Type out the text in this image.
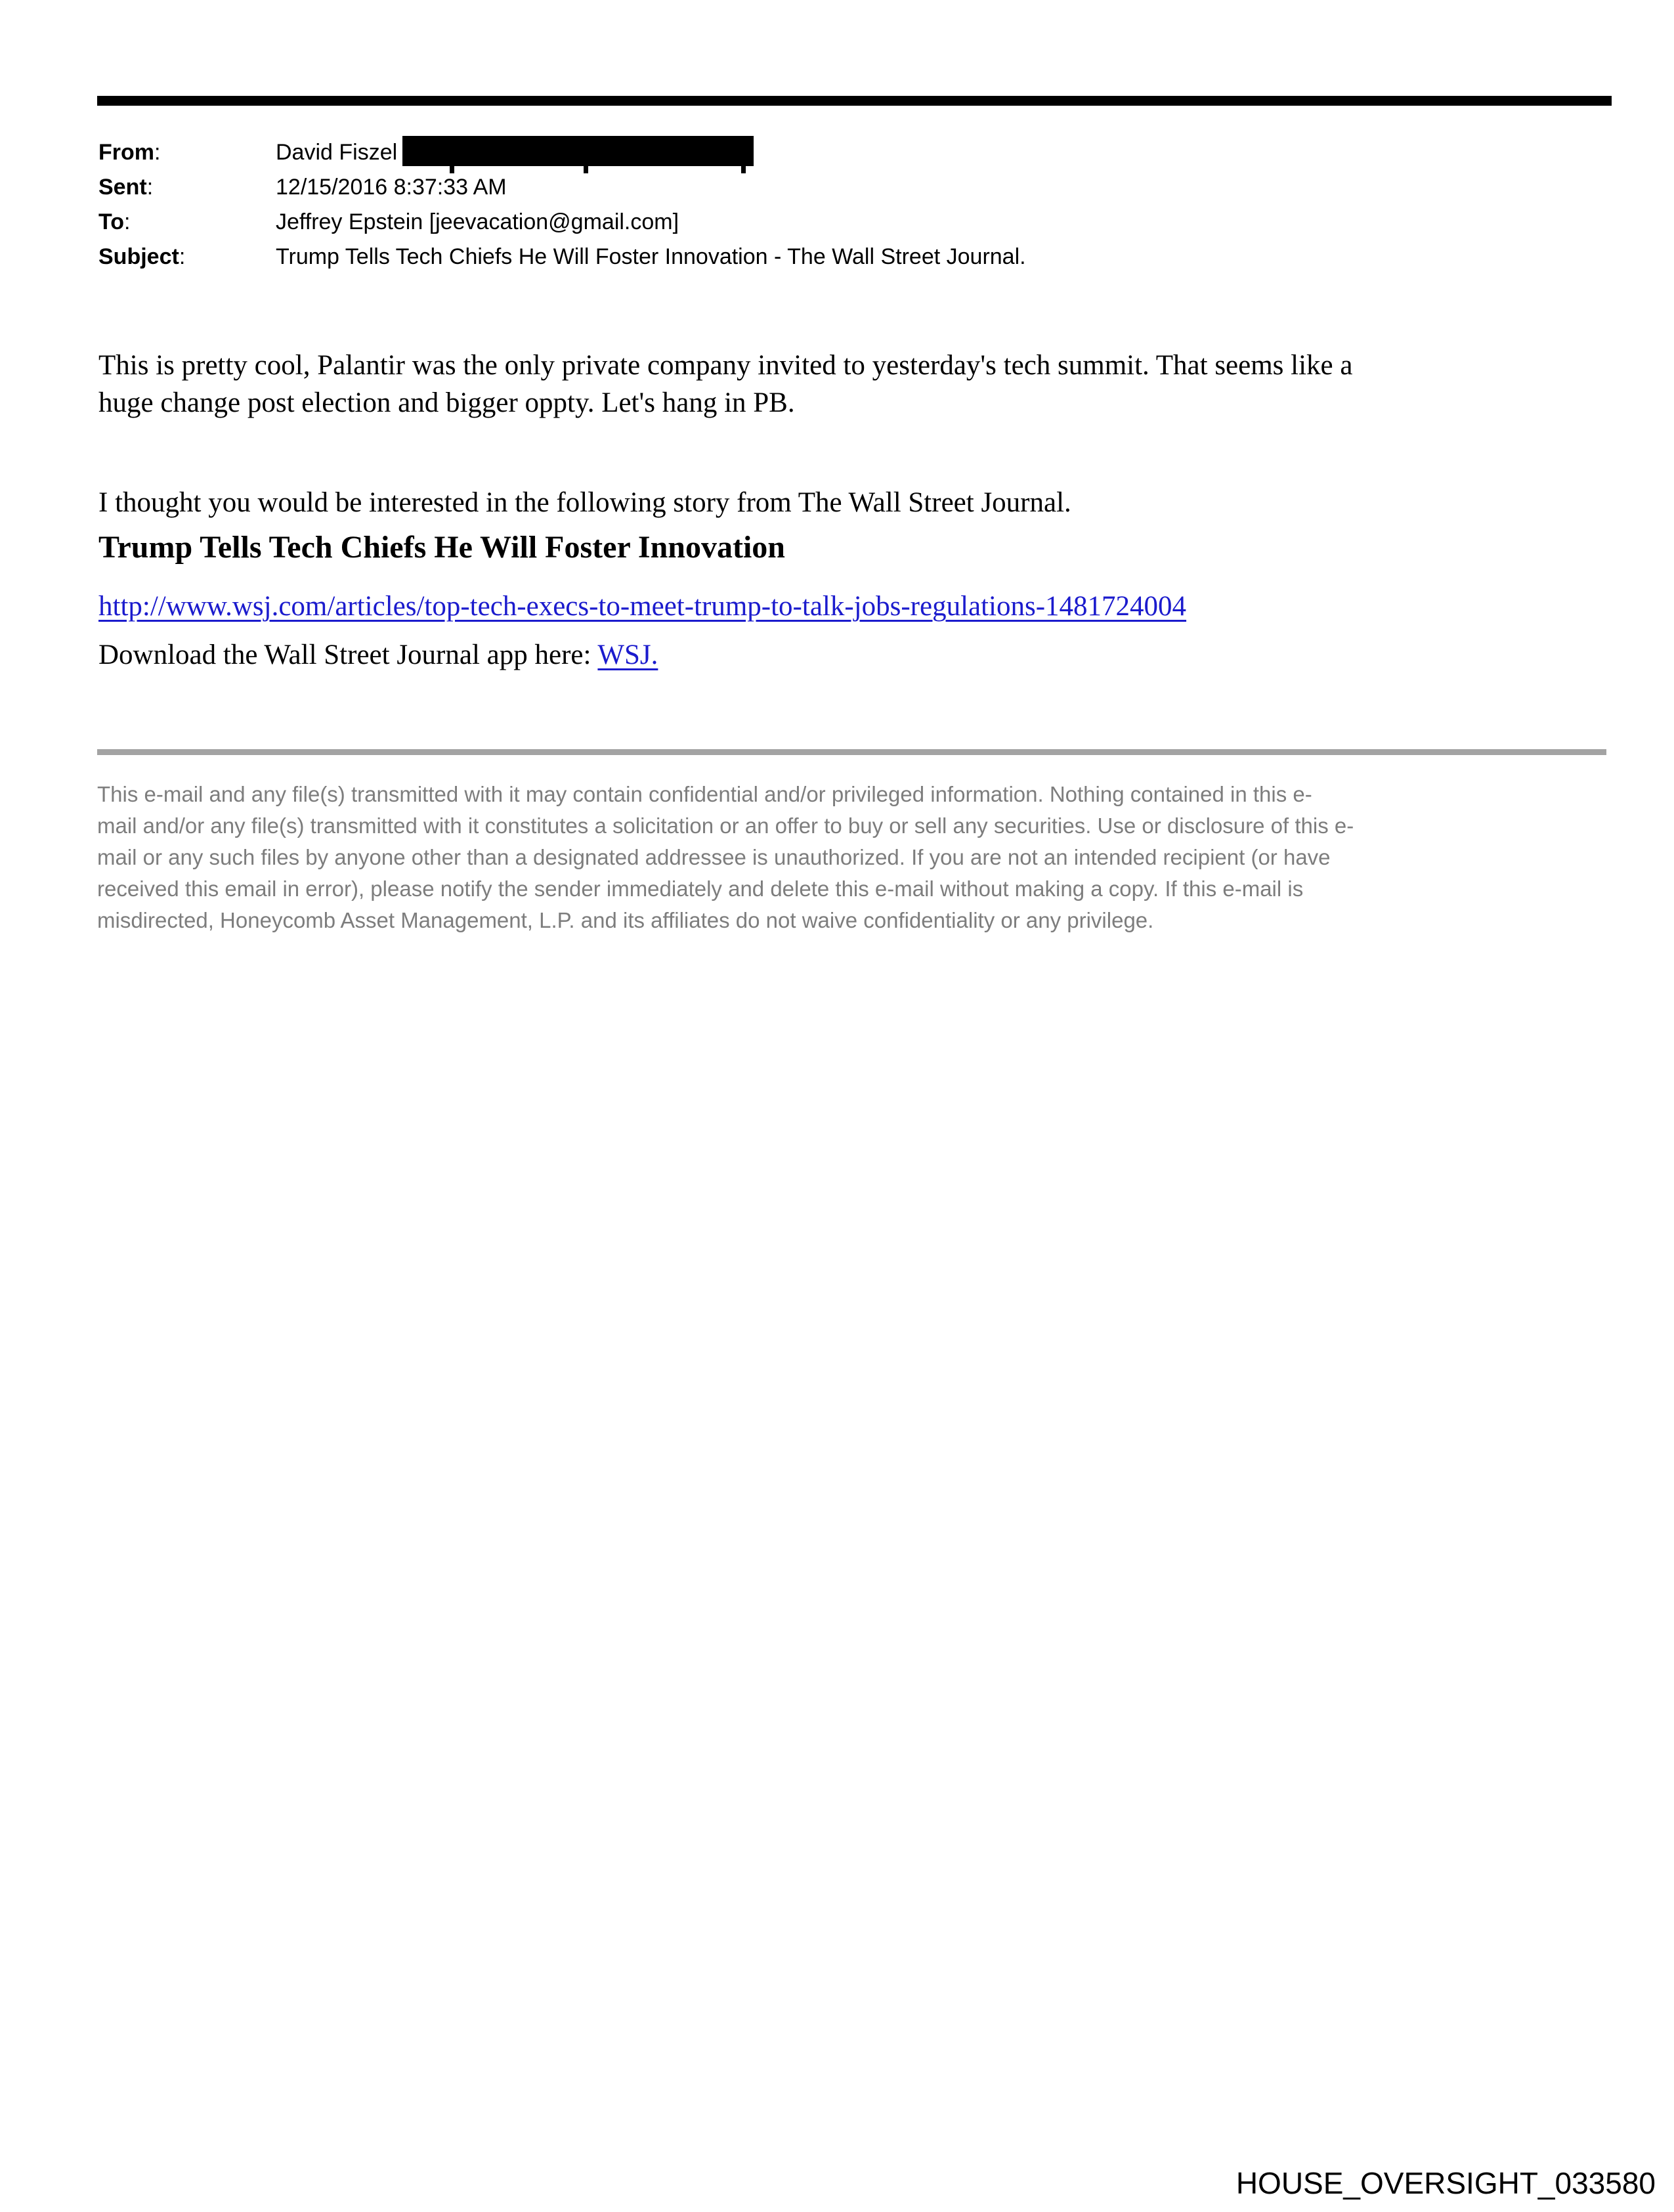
From:	David Fiszel
Sent:	12/15/2016 8:37:33 AM
To:	Jeffrey Epstein [jeevacation@gmail.com]
Subject:	Trump Tells Tech Chiefs He Will Foster Innovation - The Wall Street Journal.
This is pretty cool, Palantir was the only private company invited to yesterday's tech summit. That seems like a
huge change post election and bigger oppty. Let's hang in PB.
I thought you would be interested in the following story from The Wall Street Journal.
Trump Tells Tech Chiefs He Will Foster Innovation
http://www.wsj.com/articles/top-tech-execs-to-meet-trump-to-talk-jobs-regulations-1481724004
Download the Wall Street Journal app here: WSJ.
This e-mail and any file(s) transmitted with it may contain confidential and/or privileged information. Nothing contained in this e-
mail and/or any file(s) transmitted with it constitutes a solicitation or an offer to buy or sell any securities. Use or disclosure of this e-
mail or any such files by anyone other than a designated addressee is unauthorized. If you are not an intended recipient (or have
received this email in error), please notify the sender immediately and delete this e-mail without making a copy. If this e-mail is
misdirected, Honeycomb Asset Management, L.P. and its affiliates do not waive confidentiality or any privilege.
HOUSE_OVERSIGHT_033580
